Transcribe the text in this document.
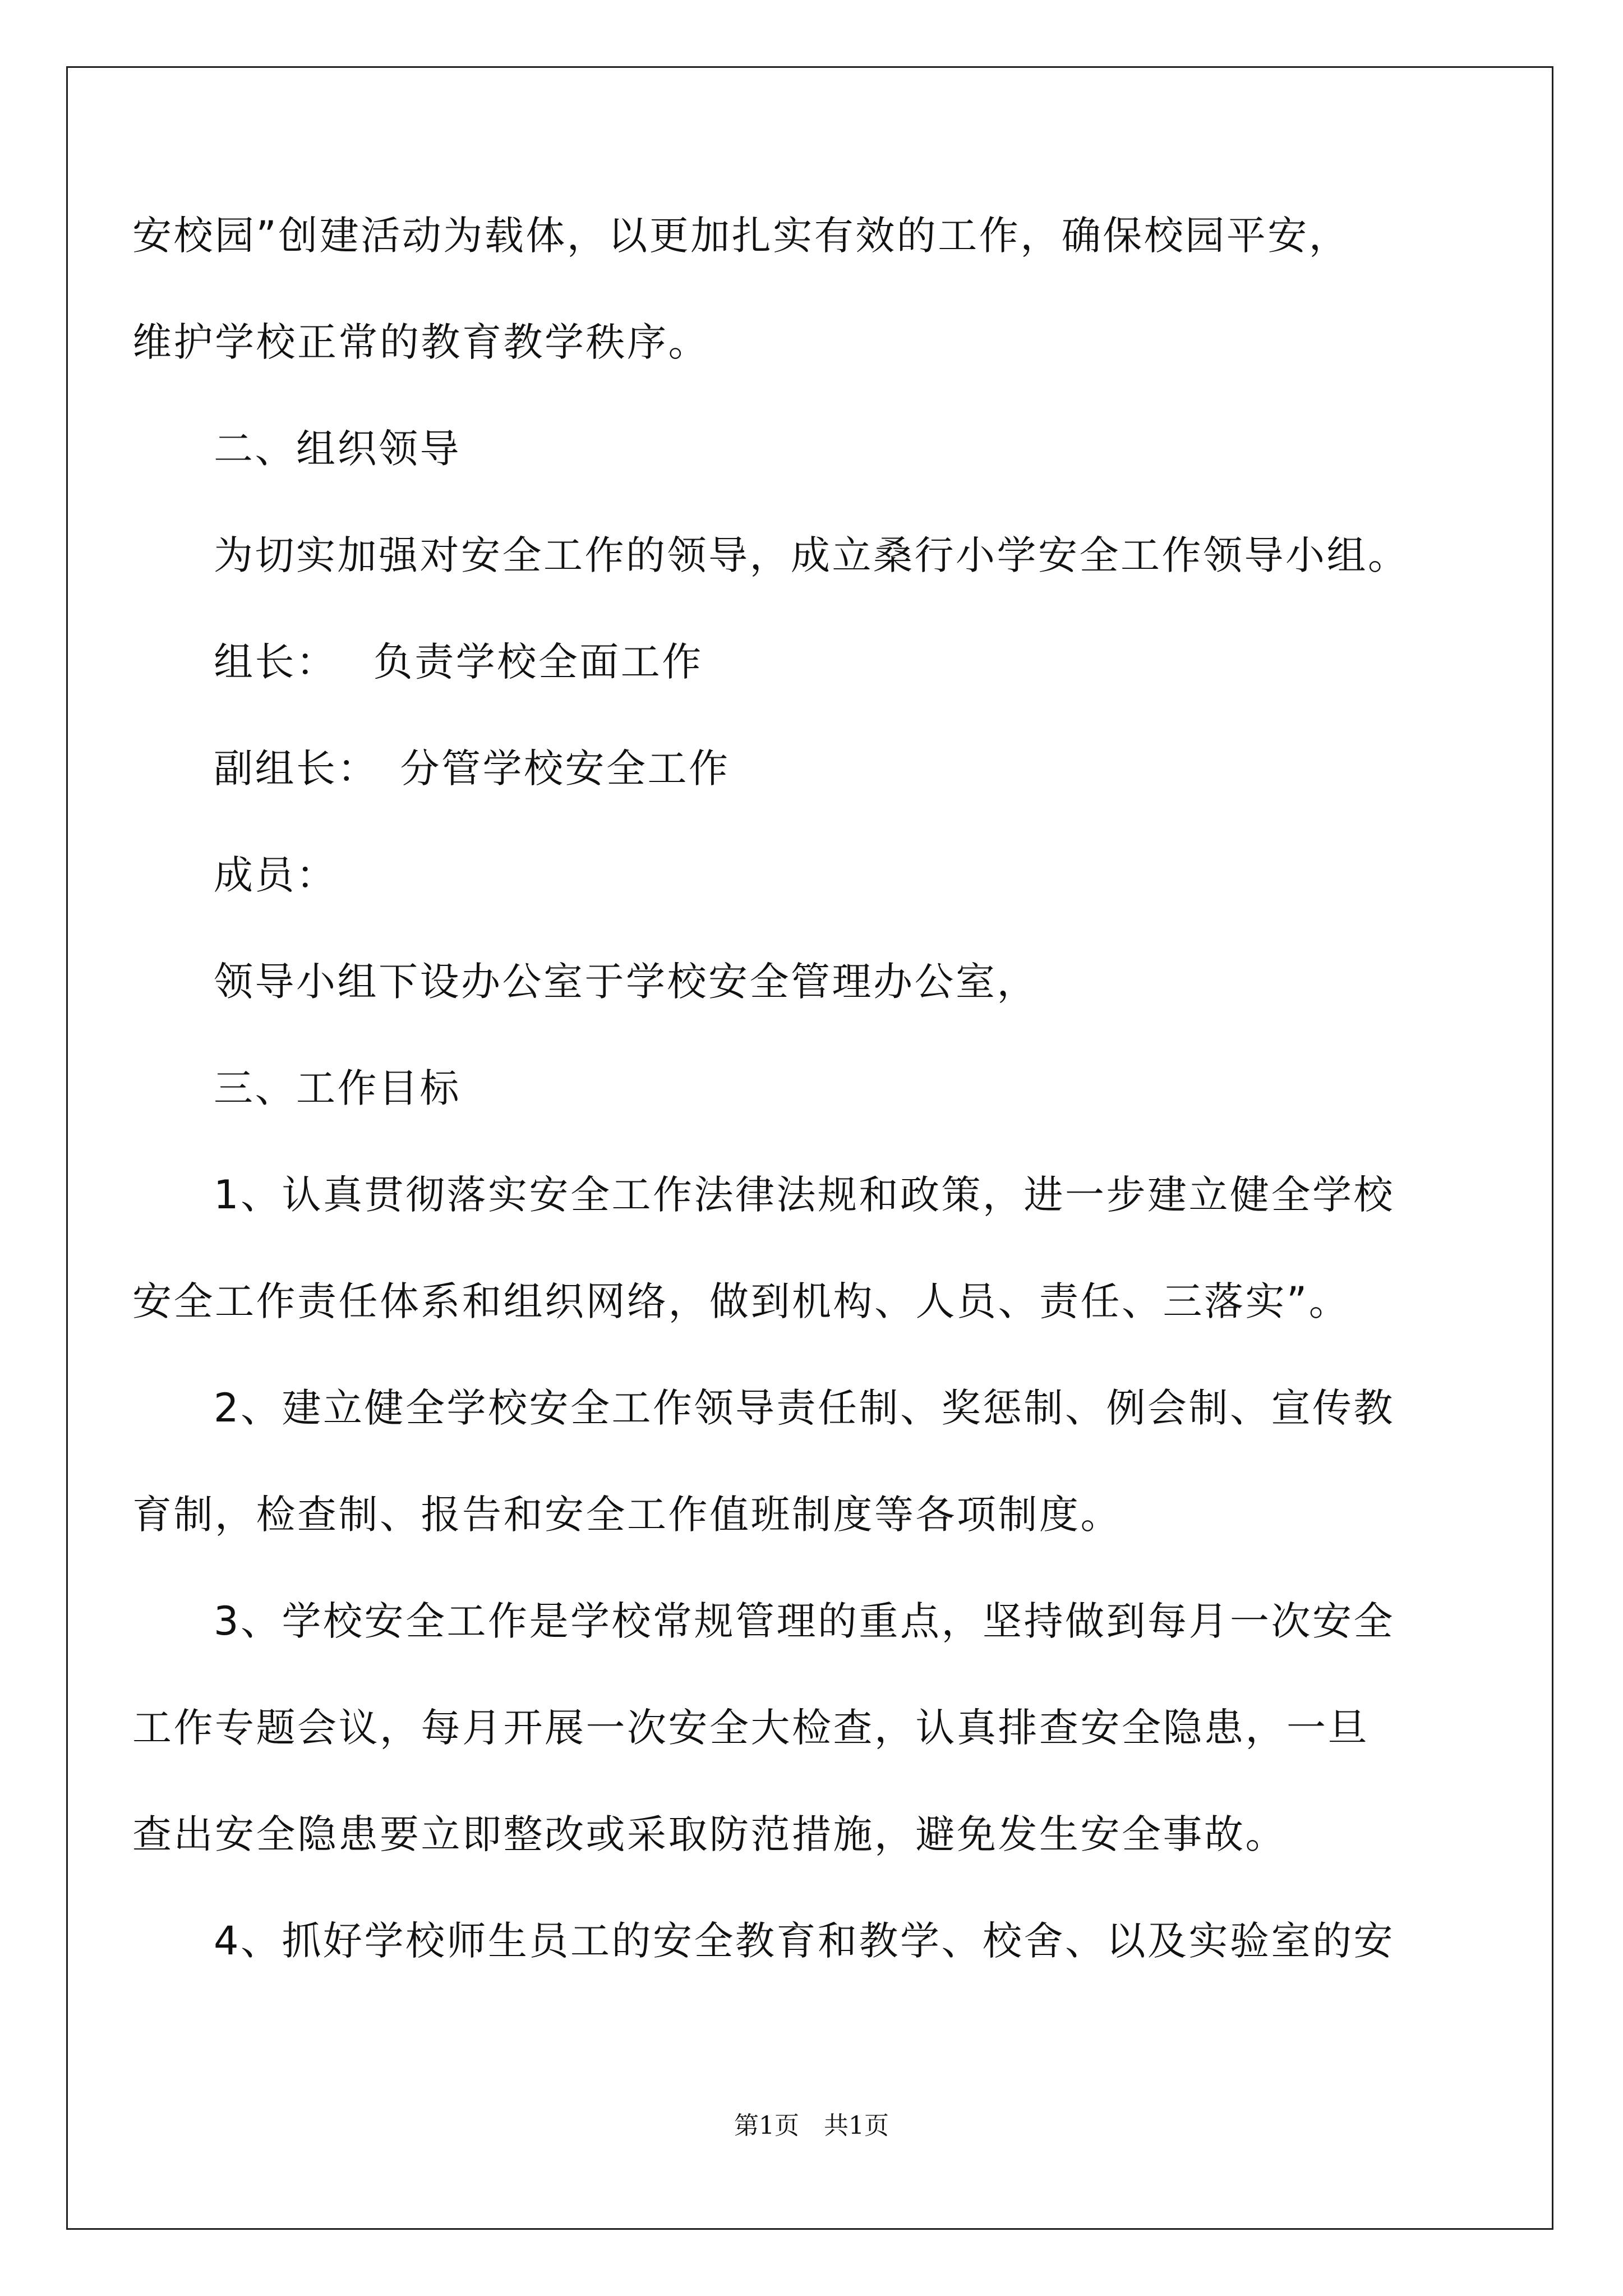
安校园”创建活动为载体，以更加扎实有效的工作，确保校园平安，
维护学校正常的教育教学秩序。
二、组织领导
为切实加强对安全工作的领导，成立桑行小学安全工作领导小组。
组长：　 负责学校全面工作
副组长：　分管学校安全工作
成员：
领导小组下设办公室于学校安全管理办公室，
三、工作目标
1、认真贯彻落实安全工作法律法规和政策，进一步建立健全学校
安全工作责任体系和组织网络，做到机构、人员、责任、三落实”。
2、建立健全学校安全工作领导责任制、奖惩制、例会制、宣传教
育制，检查制、报告和安全工作值班制度等各项制度。
3、学校安全工作是学校常规管理的重点，坚持做到每月一次安全
工作专题会议，每月开展一次安全大检查，认真排查安全隐患，一旦
查出安全隐患要立即整改或采取防范措施，避免发生安全事故。
4、抓好学校师生员工的安全教育和教学、校舍、以及实验室的安
第1页　共1页
